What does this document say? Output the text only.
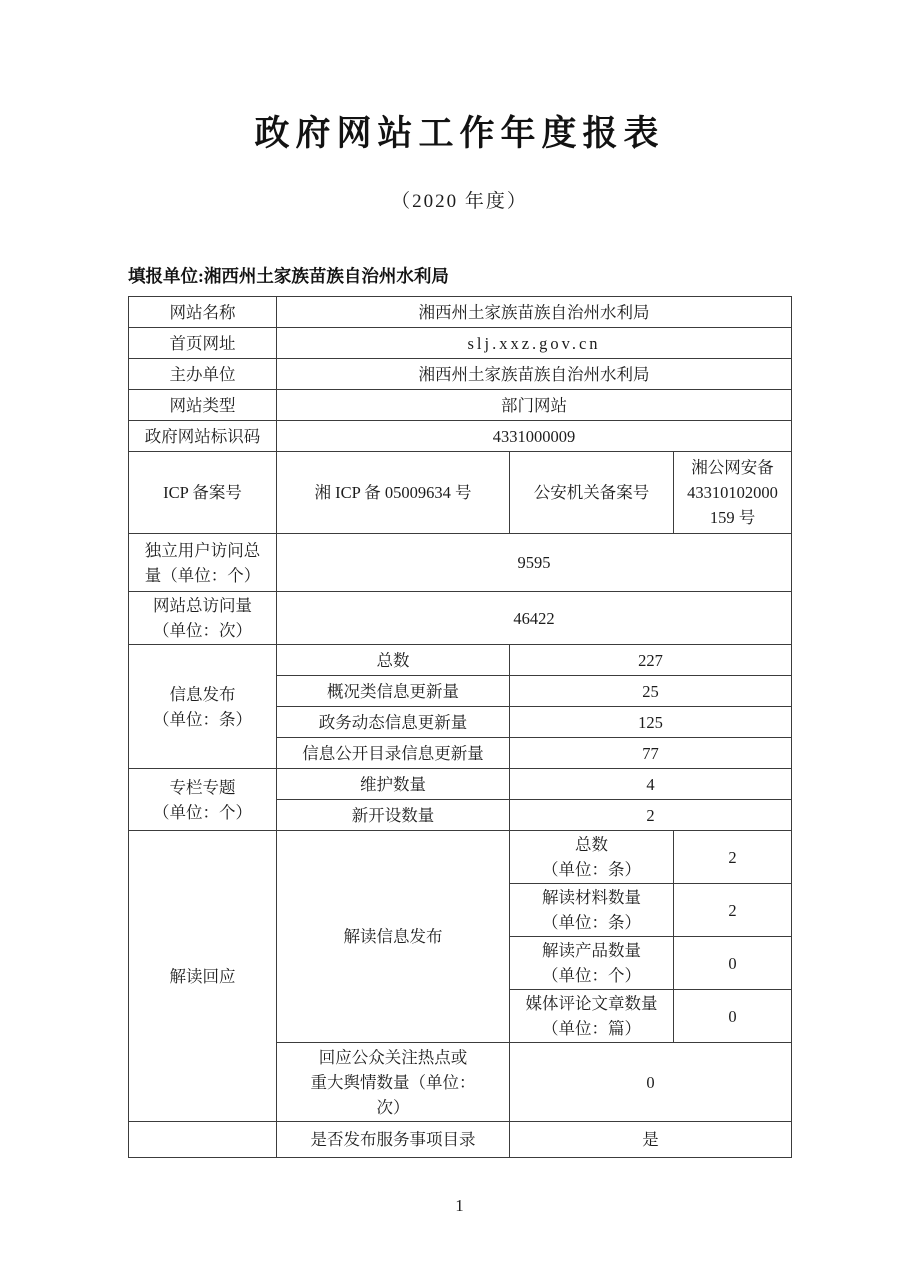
政府网站工作年度报表
（2020 年度）
填报单位:湘西州土家族苗族自治州水利局
网站名称	湘西州土家族苗族自治州水利局		
首页网址	slj.xxz.gov.cn		
主办单位	湘西州土家族苗族自治州水利局		
网站类型	部门网站		
政府网站标识码	4331000009		
ICP 备案号	湘 ICP 备 05009634 号	公安机关备案号	湘公网安备
43310102000
159 号
独立用户访问总
量（单位：个）	9595		
网站总访问量
（单位：次）	46422		
信息发布
（单位：条）	总数	227	
	概况类信息更新量	25	
	政务动态信息更新量	125	
	信息公开目录信息更新量	77	
专栏专题
（单位：个）	维护数量	4	
	新开设数量	2	
解读回应	解读信息发布	总数
（单位：条）	2
		解读材料数量
（单位：条）	2
		解读产品数量
（单位：个）	0
		媒体评论文章数量
（单位：篇）	0
	回应公众关注热点或
重大舆情数量（单位：
次）	0	
	是否发布服务事项目录	是	
1
